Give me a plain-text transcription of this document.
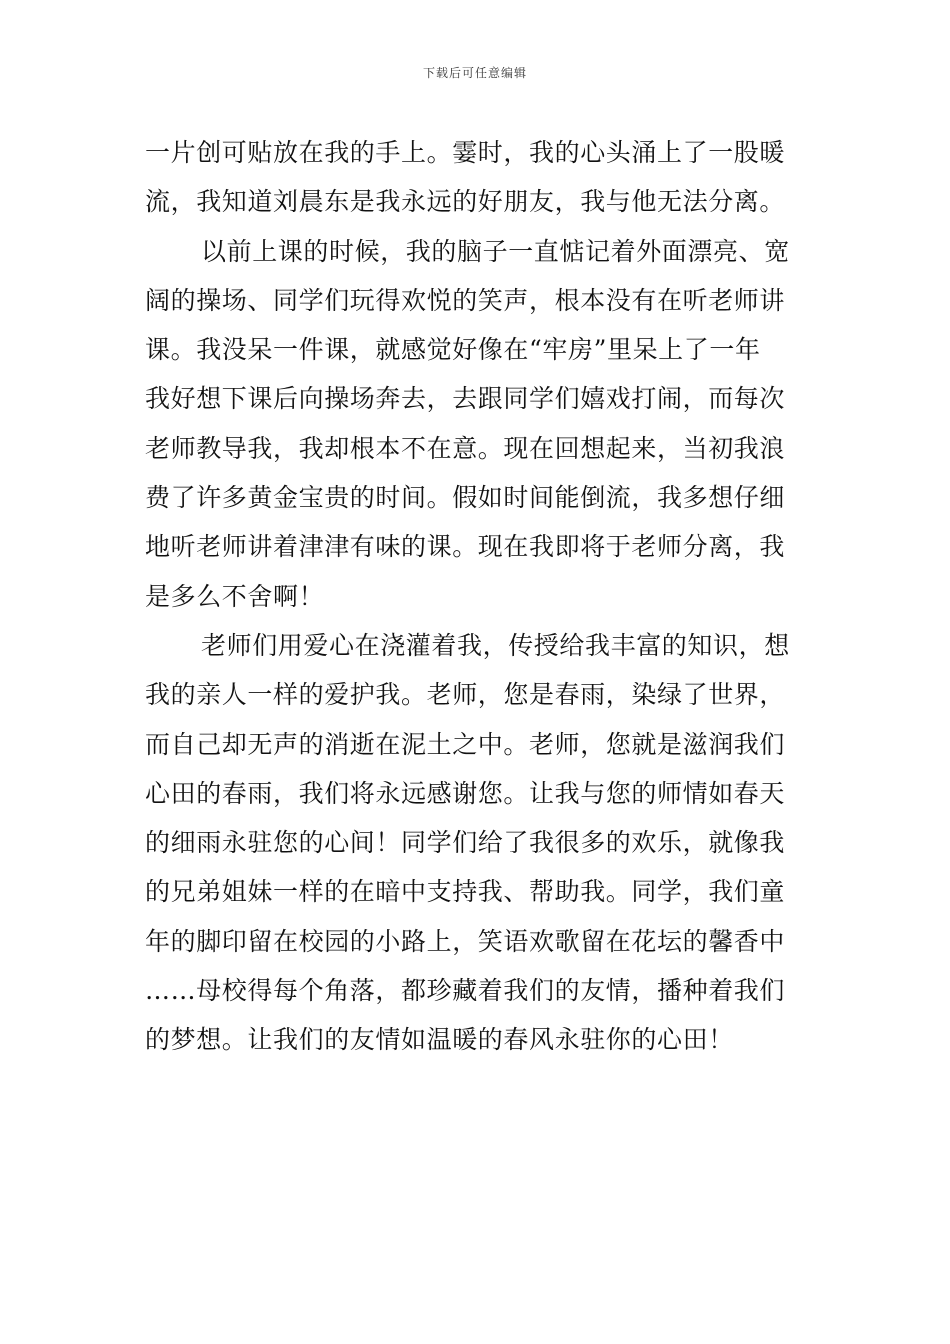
下载后可任意编辑
一片创可贴放在我的手上。霎时，我的心头涌上了一股暖
流，我知道刘晨东是我永远的好朋友，我与他无法分离。
以前上课的时候，我的脑子一直惦记着外面漂亮、宽
阔的操场、同学们玩得欢悦的笑声，根本没有在听老师讲
课。我没呆一件课，就感觉好像在“牢房”里呆上了一年
我好想下课后向操场奔去，去跟同学们嬉戏打闹，而每次
老师教导我，我却根本不在意。现在回想起来，当初我浪
费了许多黄金宝贵的时间。假如时间能倒流，我多想仔细
地听老师讲着津津有味的课。现在我即将于老师分离，我
是多么不舍啊！
老师们用爱心在浇灌着我，传授给我丰富的知识，想
我的亲人一样的爱护我。老师，您是春雨，染绿了世界，
而自己却无声的消逝在泥土之中。老师，您就是滋润我们
心田的春雨，我们将永远感谢您。让我与您的师情如春天
的细雨永驻您的心间！同学们给了我很多的欢乐，就像我
的兄弟姐妹一样的在暗中支持我、帮助我。同学，我们童
年的脚印留在校园的小路上，笑语欢歌留在花坛的馨香中
……母校得每个角落，都珍藏着我们的友情，播种着我们
的梦想。让我们的友情如温暖的春风永驻你的心田！
